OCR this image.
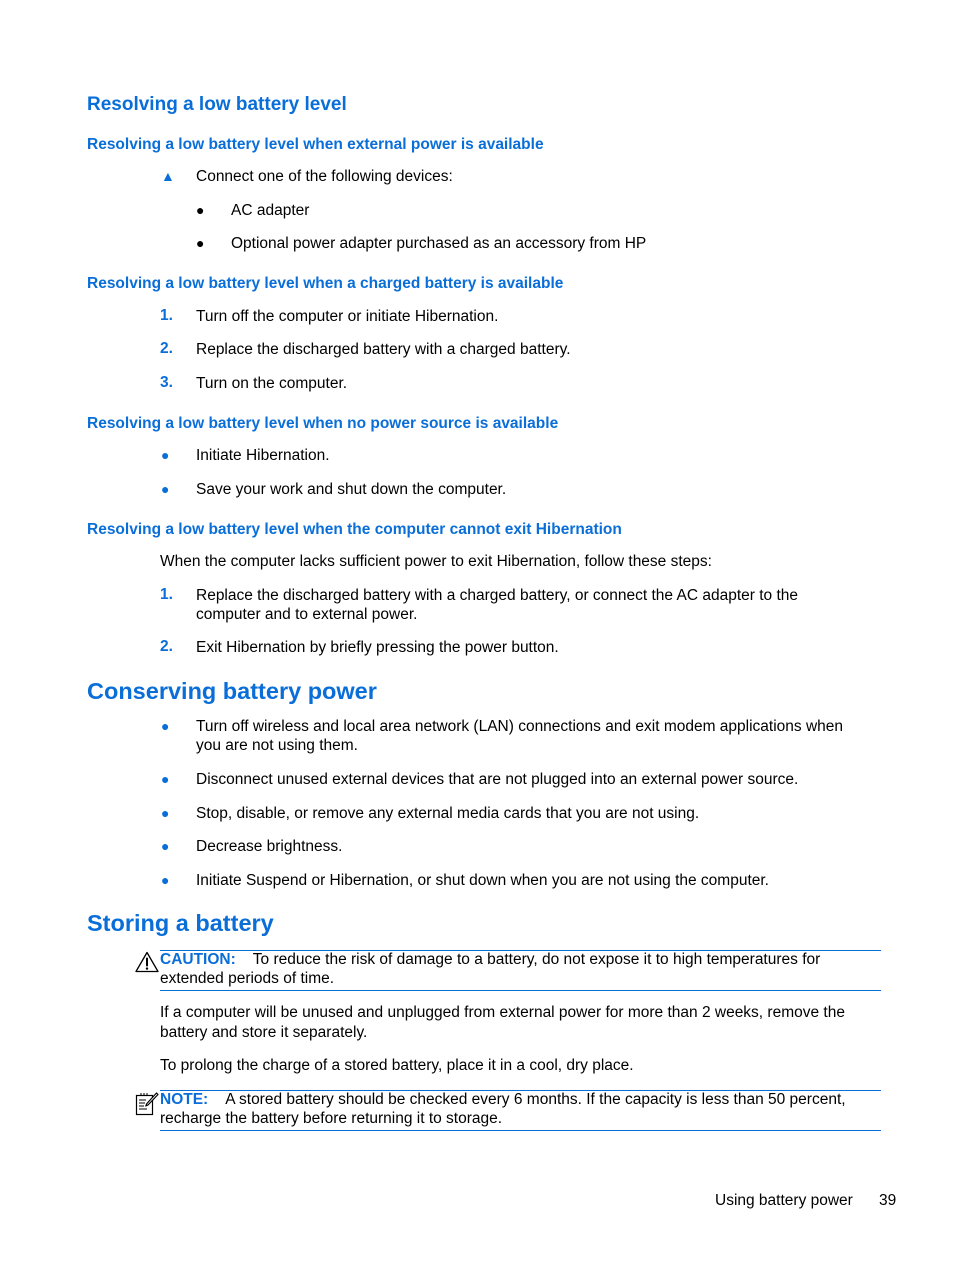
Resolving a low battery level
Resolving a low battery level when external power is available
▲ Connect one of the following devices:
● AC adapter
● Optional power adapter purchased as an accessory from HP
Resolving a low battery level when a charged battery is available
1. Turn off the computer or initiate Hibernation.
2. Replace the discharged battery with a charged battery.
3. Turn on the computer.
Resolving a low battery level when no power source is available
● Initiate Hibernation.
● Save your work and shut down the computer.
Resolving a low battery level when the computer cannot exit Hibernation
When the computer lacks sufficient power to exit Hibernation, follow these steps:
1. Replace the discharged battery with a charged battery, or connect the AC adapter to the
computer and to external power.
2. Exit Hibernation by briefly pressing the power button.
Conserving battery power
● Turn off wireless and local area network (LAN) connections and exit modem applications when
you are not using them.
● Disconnect unused external devices that are not plugged into an external power source.
● Stop, disable, or remove any external media cards that you are not using.
● Decrease brightness.
● Initiate Suspend or Hibernation, or shut down when you are not using the computer.
Storing a battery
CAUTION: To reduce the risk of damage to a battery, do not expose it to high temperatures for
extended periods of time.
If a computer will be unused and unplugged from external power for more than 2 weeks, remove the
battery and store it separately.
To prolong the charge of a stored battery, place it in a cool, dry place.
NOTE: A stored battery should be checked every 6 months. If the capacity is less than 50 percent,
recharge the battery before returning it to storage.
Using battery power 39
